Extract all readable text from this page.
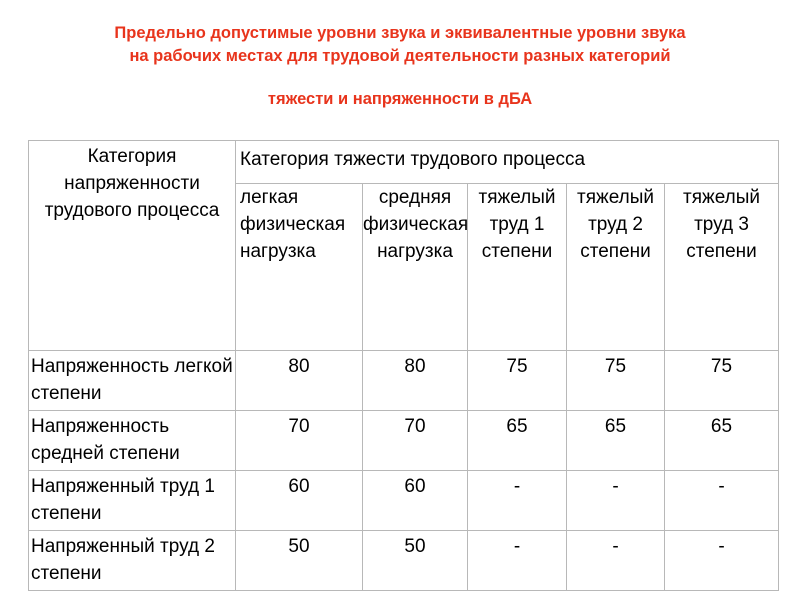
Предельно допустимые уровни звука и эквивалентные уровни звука
на рабочих местах для трудовой деятельности разных категорий
тяжести и напряженности в дБА
Категория напряженности трудового процесса	Категория тяжести трудового процесса				
	легкая физическая нагрузка	средняя физическая нагрузка	тяжелый труд 1 степени	тяжелый труд 2 степени	тяжелый труд 3 степени
Напряженность легкой степени	80	80	75	75	75
Напряженность средней степени	70	70	65	65	65
Напряженный труд 1 степени	60	60	-	-	-
Напряженный труд 2 степени	50	50	-	-	-
